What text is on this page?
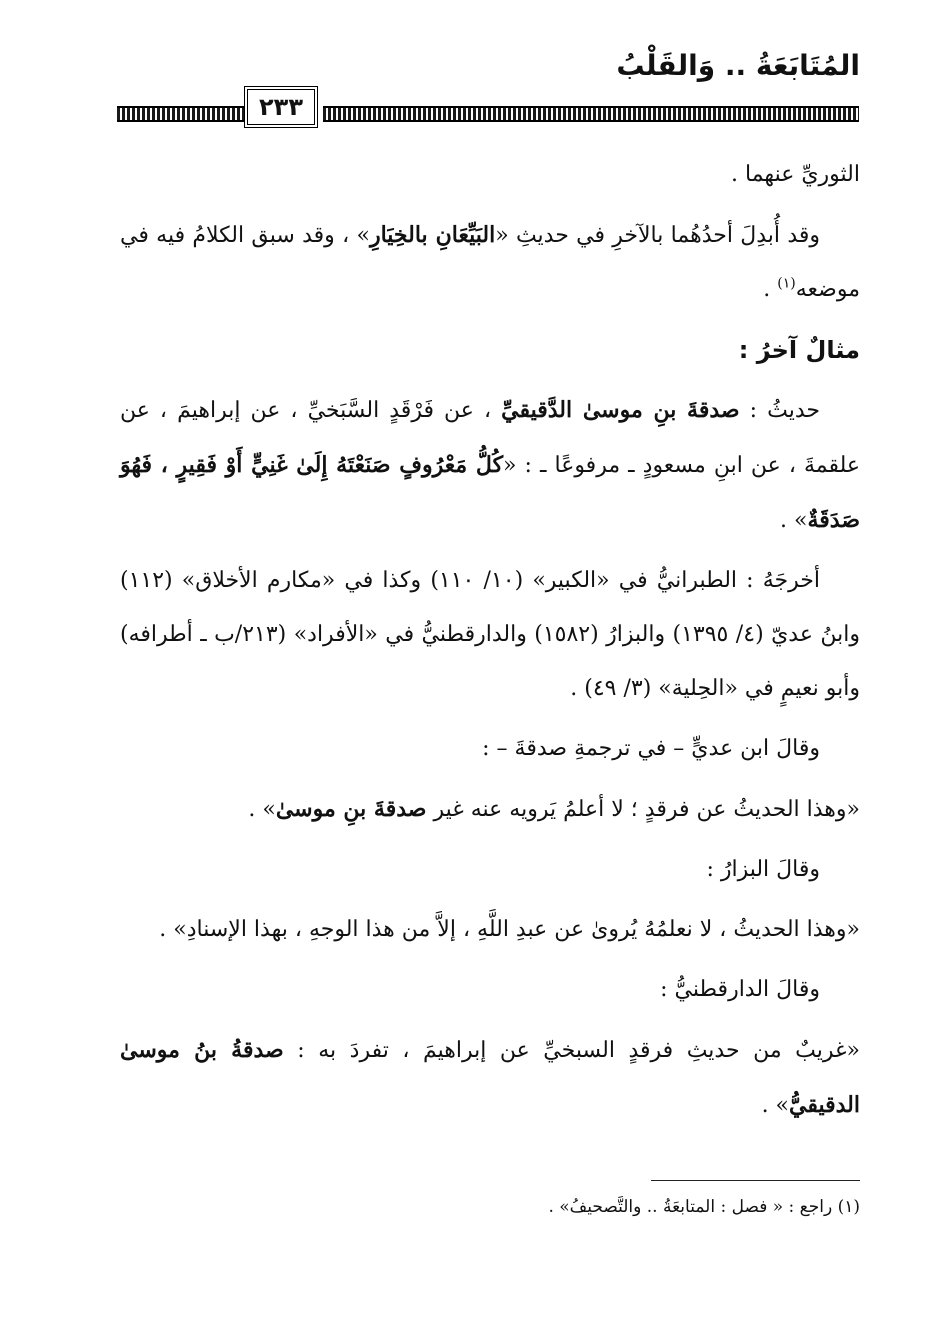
المُتَابَعَةُ .. وَالقَلْبُ
٢٣٣

الثوريِّ عنهما .

وقد أُبدِلَ أحدُهُما بالآخرِ في حديثِ «البَيِّعَانِ بالخِيَارِ» ، وقد سبق الكلامُ فيه في موضعه$^{(١)}$ .

مثالٌ آخرُ :

حديثُ : صدقةَ بنِ موسىٰ الدَّقيقيِّ ، عن فَرْقَدٍ السَّبَخيِّ ، عن إبراهيمَ ، عن علقمةَ ، عن ابنِ مسعودٍ ـ مرفوعًا ـ : «كُلُّ مَعْرُوفٍ صَنَعْتَهُ إِلَىٰ غَنِيٍّ أَوْ فَقِيرٍ ، فَهُوَ صَدَقَةٌ» .

أخرجَهُ : الطبرانيُّ في «الكبير» (١٠/ ١١٠) وكذا في «مكارم الأخلاق» (١١٢) وابنُ عديّ (٤/ ١٣٩٥) والبزارُ (١٥٨٢) والدارقطنيُّ في «الأفراد» (٢١٣/ب ـ أطرافه) وأبو نعيمٍ في «الحِلية» (٣/ ٤٩) .

وقالَ ابن عديٍّ – في ترجمةِ صدقةَ – :

«وهذا الحديثُ عن فرقدٍ ؛ لا أعلمُ يَرويه عنه غير صدقةَ بنِ موسىٰ» .

وقالَ البزارُ :

«وهذا الحديثُ ، لا نعلمُهُ يُروىٰ عن عبدِ اللَّهِ ، إلاَّ من هذا الوجهِ ، بهذا الإسنادِ» .

وقالَ الدارقطنيُّ :

«غريبٌ من حديثِ فرقدٍ السبخيِّ عن إبراهيمَ ، تفردَ به : صدقةُ بنُ موسىٰ الدقيقيُّ» .

(١) راجع : « فصل : المتابعَةُ .. والتَّصحيفُ» .
